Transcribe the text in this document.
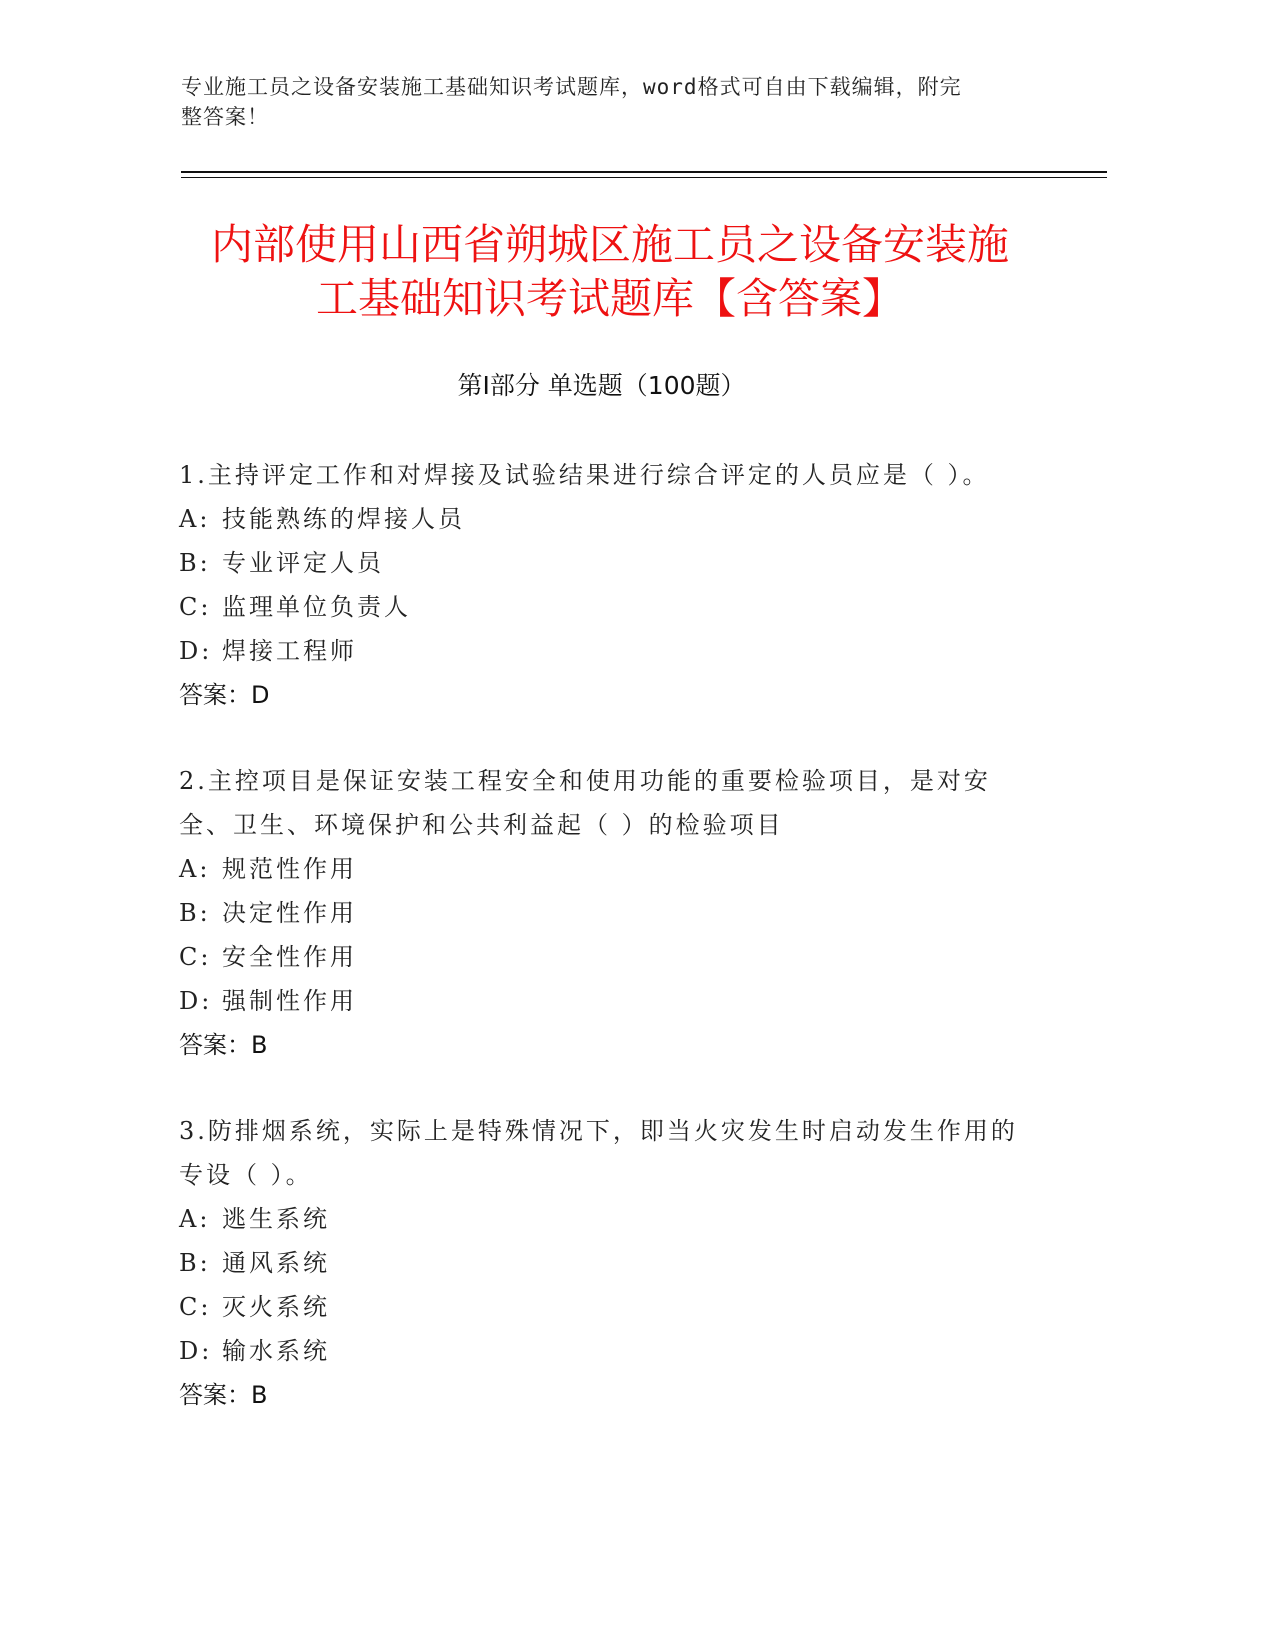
专业施工员之设备安装施工基础知识考试题库，word格式可自由下载编辑，附完
整答案！
内部使用山西省朔城区施工员之设备安装施
工基础知识考试题库【含答案】
第Ⅰ部分 单选题（100题）
1.主持评定工作和对焊接及试验结果进行综合评定的人员应是（ ）。
A: 技能熟练的焊接人员
B: 专业评定人员
C: 监理单位负责人
D: 焊接工程师
答案：D
2.主控项目是保证安装工程安全和使用功能的重要检验项目，是对安全、卫生、环境保护和公共利益起（ ）的检验项目
A: 规范性作用
B: 决定性作用
C: 安全性作用
D: 强制性作用
答案：B
3.防排烟系统，实际上是特殊情况下，即当火灾发生时启动发生作用的专设（ ）。
A: 逃生系统
B: 通风系统
C: 灭火系统
D: 输水系统
答案：B
